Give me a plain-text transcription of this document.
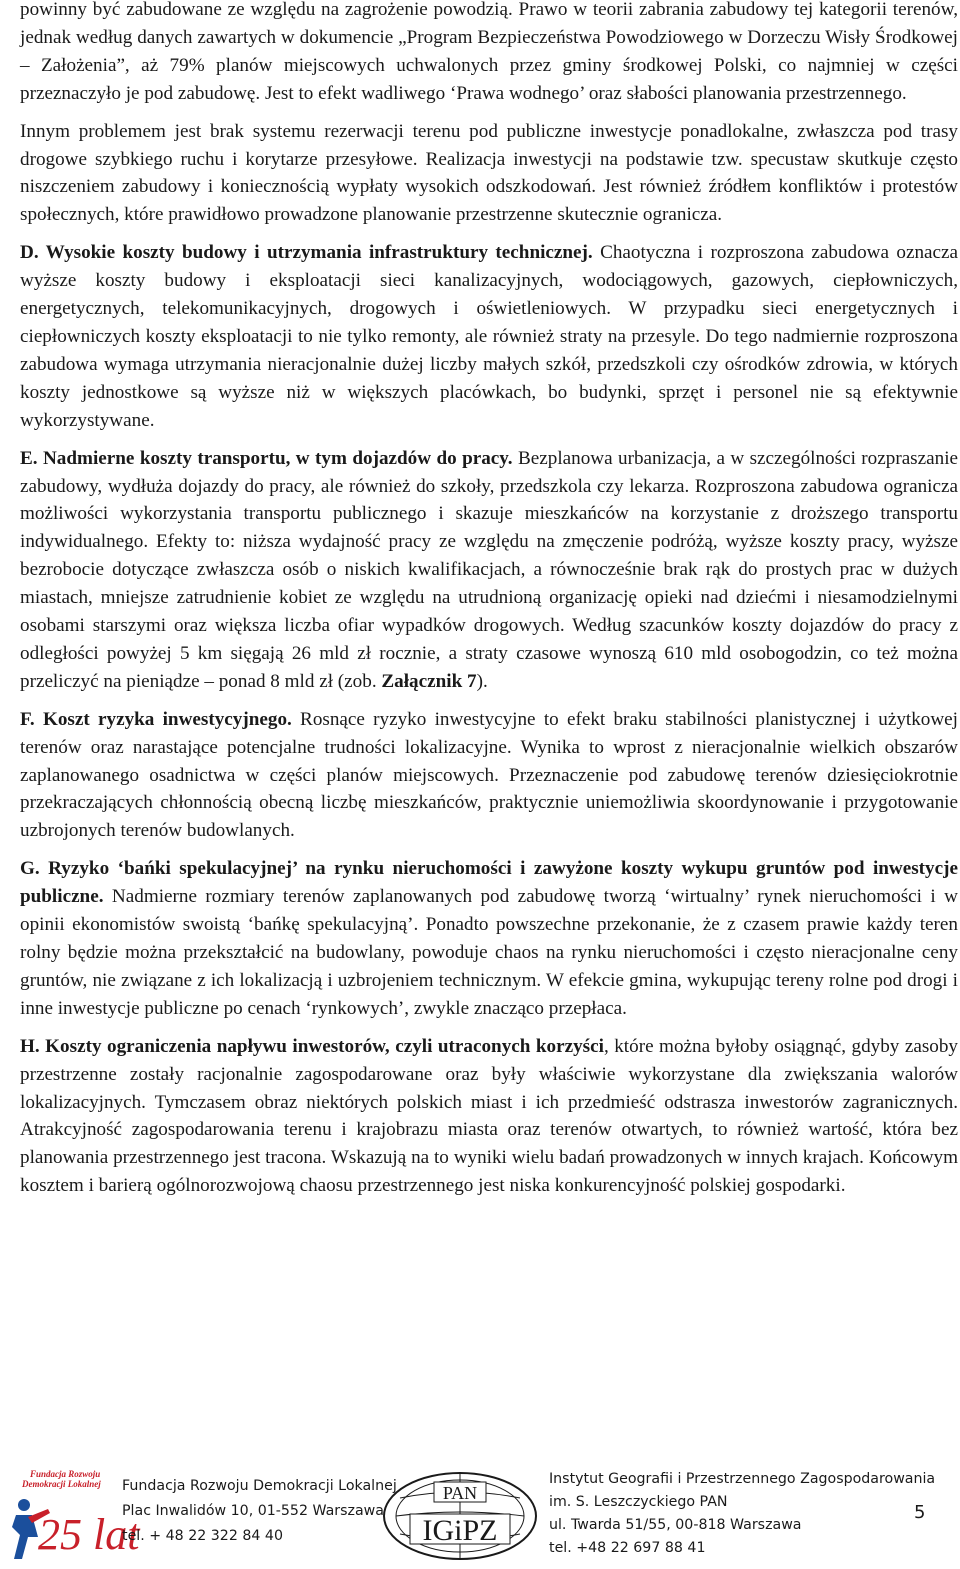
powinny być zabudowane ze względu na zagrożenie powodzią. Prawo w teorii zabrania zabudowy tej kategorii terenów, jednak według danych zawartych w dokumencie „Program Bezpieczeństwa Powodziowego w Dorzeczu Wisły Środkowej – Założenia”, aż 79% planów miejscowych uchwalonych przez gminy środkowej Polski, co najmniej w części przeznaczyło je pod zabudowę. Jest to efekt wadliwego ‘Prawa wodnego’ oraz słabości planowania przestrzennego.

Innym problemem jest brak systemu rezerwacji terenu pod publiczne inwestycje ponadlokalne, zwłaszcza pod trasy drogowe szybkiego ruchu i korytarze przesyłowe. Realizacja inwestycji na podstawie tzw. specustaw skutkuje często niszczeniem zabudowy i koniecznością wypłaty wysokich odszkodowań. Jest również źródłem konfliktów i protestów społecznych, które prawidłowo prowadzone planowanie przestrzenne skutecznie ogranicza.

D. Wysokie koszty budowy i utrzymania infrastruktury technicznej. Chaotyczna i rozproszona zabudowa oznacza wyższe koszty budowy i eksploatacji sieci kanalizacyjnych, wodociągowych, gazowych, ciepłowniczych, energetycznych, telekomunikacyjnych, drogowych i oświetleniowych. W przypadku sieci energetycznych i ciepłowniczych koszty eksploatacji to nie tylko remonty, ale również straty na przesyle. Do tego nadmiernie rozproszona zabudowa wymaga utrzymania nieracjonalnie dużej liczby małych szkół, przedszkoli czy ośrodków zdrowia, w których koszty jednostkowe są wyższe niż w większych placówkach, bo budynki, sprzęt i personel nie są efektywnie wykorzystywane.

E. Nadmierne koszty transportu, w tym dojazdów do pracy. Bezplanowa urbanizacja, a w szczególności rozpraszanie zabudowy, wydłuża dojazdy do pracy, ale również do szkoły, przedszkola czy lekarza. Rozproszona zabudowa ogranicza możliwości wykorzystania transportu publicznego i skazuje mieszkańców na korzystanie z droższego transportu indywidualnego. Efekty to: niższa wydajność pracy ze względu na zmęczenie podróżą, wyższe koszty pracy, wyższe bezrobocie dotyczące zwłaszcza osób o niskich kwalifikacjach, a równocześnie brak rąk do prostych prac w dużych miastach, mniejsze zatrudnienie kobiet ze względu na utrudnioną organizację opieki nad dziećmi i niesamodzielnymi osobami starszymi oraz większa liczba ofiar wypadków drogowych. Według szacunków koszty dojazdów do pracy z odległości powyżej 5 km sięgają 26 mld zł rocznie, a straty czasowe wynoszą 610 mld osobogodzin, co też można przeliczyć na pieniądze – ponad 8 mld zł (zob. Załącznik 7).

F. Koszt ryzyka inwestycyjnego. Rosnące ryzyko inwestycyjne to efekt braku stabilności planistycznej i użytkowej terenów oraz narastające potencjalne trudności lokalizacyjne. Wynika to wprost z nieracjonalnie wielkich obszarów zaplanowanego osadnictwa w części planów miejscowych. Przeznaczenie pod zabudowę terenów dziesięciokrotnie przekraczających chłonnością obecną liczbę mieszkańców, praktycznie uniemożliwia skoordynowanie i przygotowanie uzbrojonych terenów budowlanych.

G. Ryzyko ‘bańki spekulacyjnej’ na rynku nieruchomości i zawyżone koszty wykupu gruntów pod inwestycje publiczne. Nadmierne rozmiary terenów zaplanowanych pod zabudowę tworzą ‘wirtualny’ rynek nieruchomości i w opinii ekonomistów swoistą ‘bańkę spekulacyjną’. Ponadto powszechne przekonanie, że z czasem prawie każdy teren rolny będzie można przekształcić na budowlany, powoduje chaos na rynku nieruchomości i często nieracjonalne ceny gruntów, nie związane z ich lokalizacją i uzbrojeniem technicznym. W efekcie gmina, wykupując tereny rolne pod drogi i inne inwestycje publiczne po cenach ‘rynkowych’, zwykle znacząco przepłaca.

H. Koszty ograniczenia napływu inwestorów, czyli utraconych korzyści, które można byłoby osiągnąć, gdyby zasoby przestrzenne zostały racjonalnie zagospodarowane oraz były właściwie wykorzystane dla zwiększania walorów lokalizacyjnych. Tymczasem obraz niektórych polskich miast i ich przedmieść odstrasza inwestorów zagranicznych. Atrakcyjność zagospodarowania terenu i krajobrazu miasta oraz terenów otwartych, to również wartość, która bez planowania przestrzennego jest tracona. Wskazują na to wyniki wielu badań prowadzonych w innych krajach. Końcowym kosztem i barierą ogólnorozwojową chaosu przestrzennego jest niska konkurencyjność polskiej gospodarki.

Fundacja Rozwoju
Demokracji Lokalnej
25 lat
Fundacja Rozwoju Demokracji Lokalnej
Plac Inwalidów 10, 01-552 Warszawa
tel. + 48 22 322 84 40
PAN
IGiPZ
Instytut Geografii i Przestrzennego Zagospodarowania
im. S. Leszczyckiego PAN
ul. Twarda 51/55, 00-818 Warszawa
tel. +48 22 697 88 41
5
